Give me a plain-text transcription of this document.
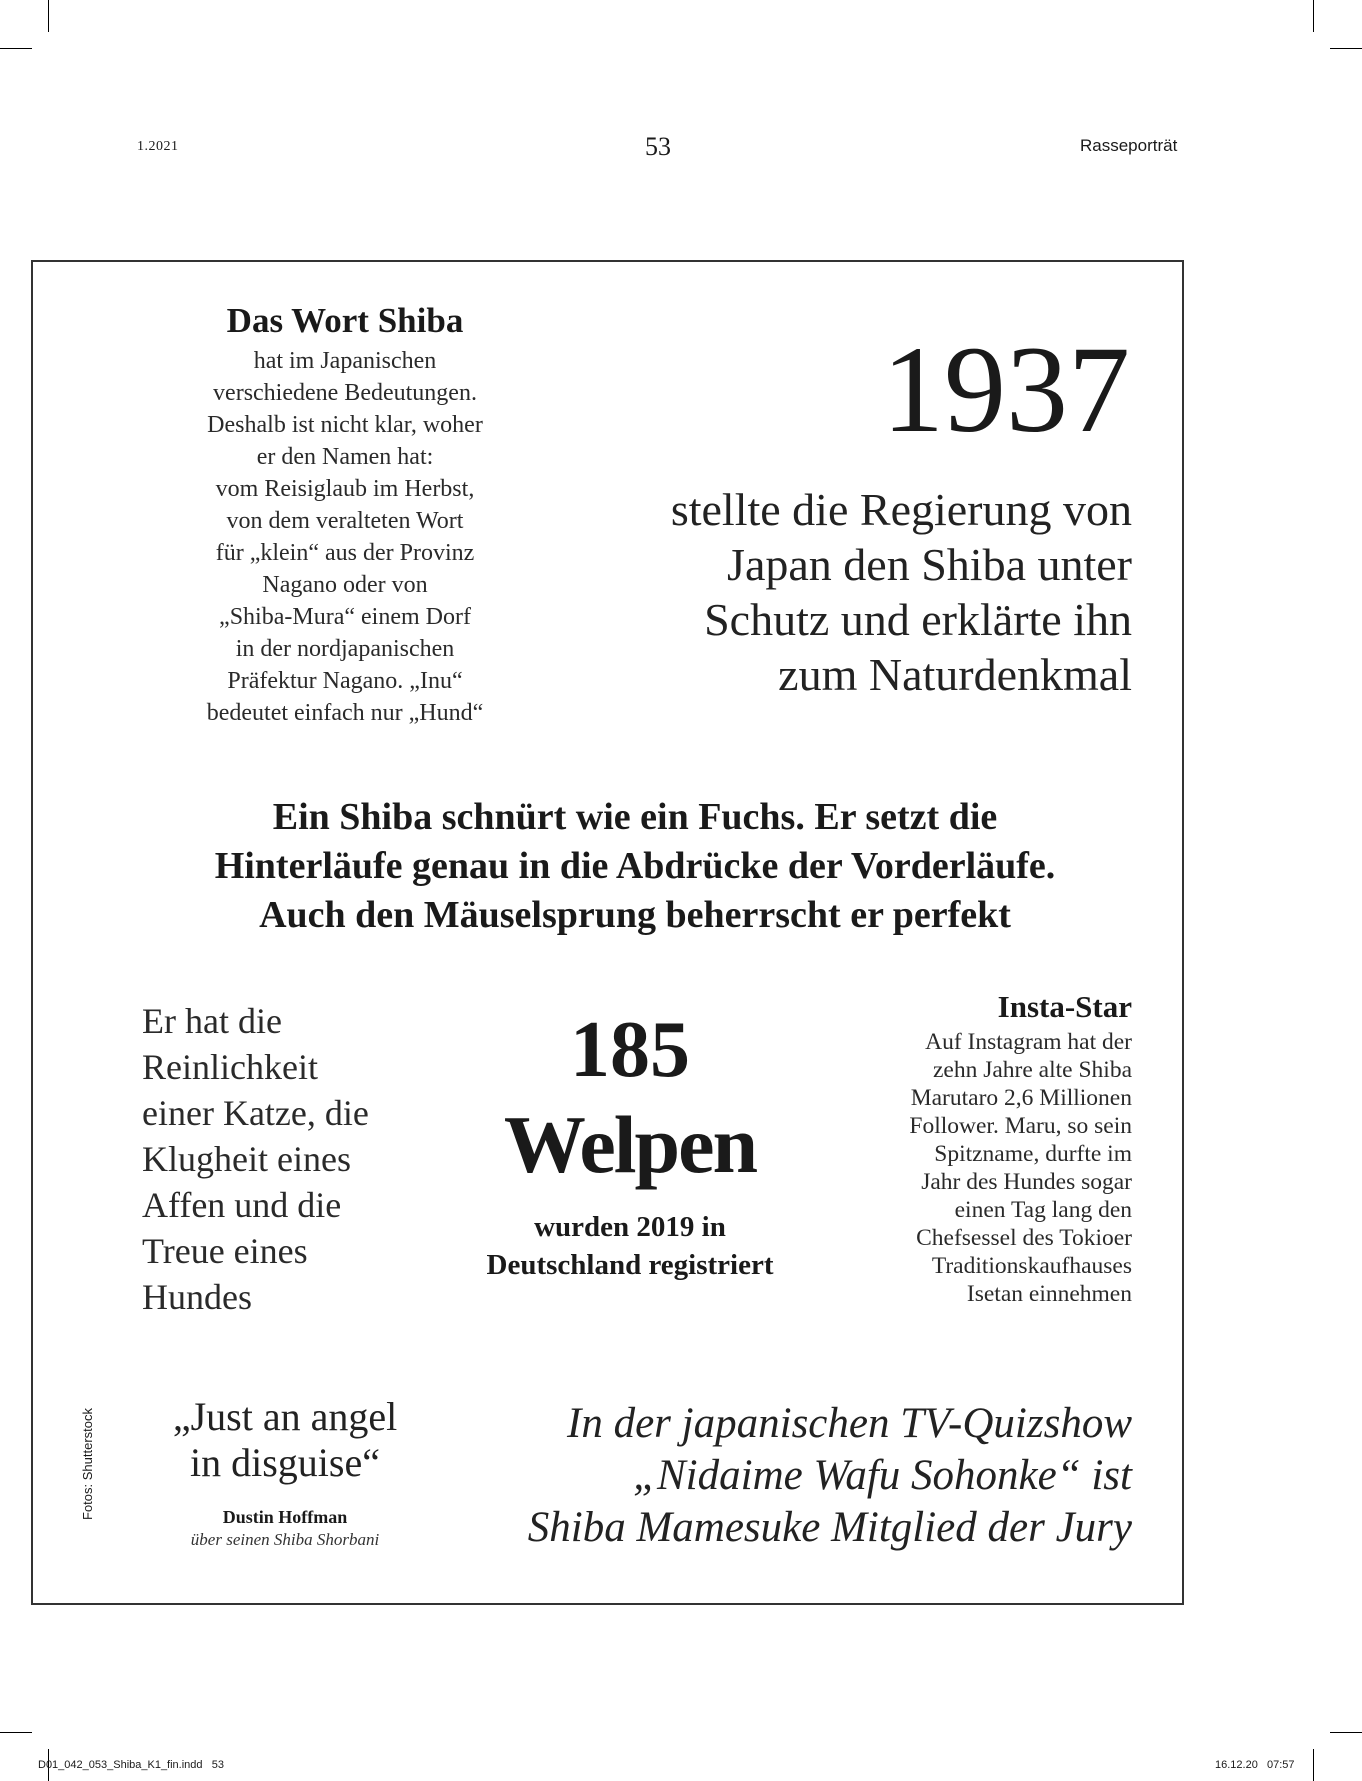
1.2021	53	Rasseporträt
Das Wort Shiba
hat im Japanischen
verschiedene Bedeutungen.
Deshalb ist nicht klar, woher
er den Namen hat:
vom Reisiglaub im Herbst,
von dem veralteten Wort
für „klein“ aus der Provinz
Nagano oder von
„Shiba-Mura“ einem Dorf
in der nordjapanischen
Präfektur Nagano. „Inu“
bedeutet einfach nur „Hund“
1937
stellte die Regierung von
Japan den Shiba unter
Schutz und erklärte ihn
zum Naturdenkmal
Ein Shiba schnürt wie ein Fuchs. Er setzt die
Hinterläufe genau in die Abdrücke der Vorderläufe.
Auch den Mäuselsprung beherrscht er perfekt
Er hat die
Reinlichkeit
einer Katze, die
Klugheit eines
Affen und die
Treue eines
Hundes
185
Welpen
wurden 2019 in
Deutschland registriert
Insta-Star
Auf Instagram hat der
zehn Jahre alte Shiba
Marutaro 2,6 Millionen
Follower. Maru, so sein
Spitzname, durfte im
Jahr des Hundes sogar
einen Tag lang den
Chefsessel des Tokioer
Traditionskaufhauses
Isetan einnehmen
„Just an angel
in disguise“
Dustin Hoffman
über seinen Shiba Shorbani
Fotos: Shutterstock	In der japanischen TV-Quizshow
„Nidaime Wafu Sohonke“ ist
Shiba Mamesuke Mitglied der Jury
D01_042_053_Shiba_K1_fin.indd   53	16.12.20   07:57
